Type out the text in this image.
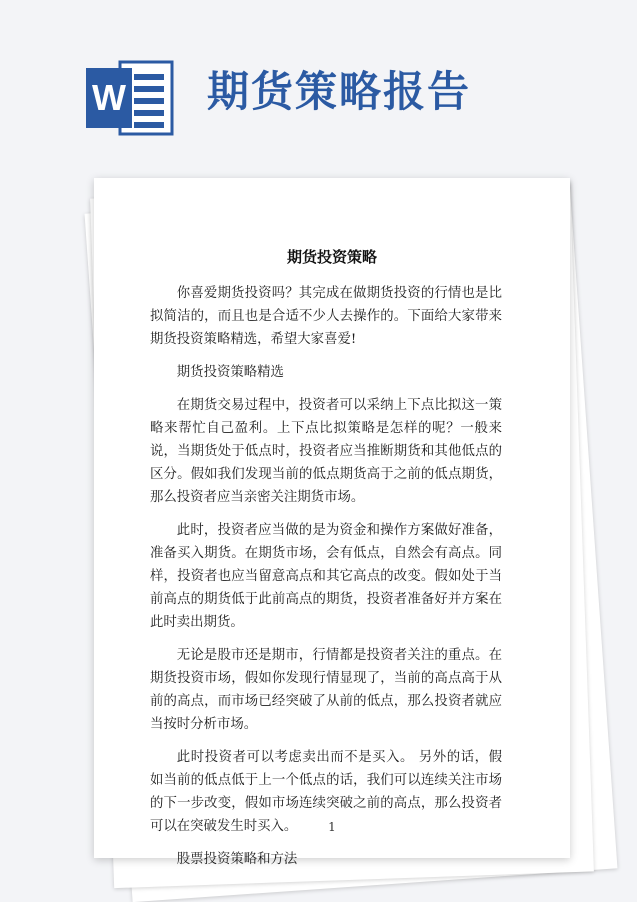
W 期货策略报告
期货投资策略

你喜爱期货投资吗？其完成在做期货投资的行情也是比拟简洁的，而且也是合适不少人去操作的。下面给大家带来期货投资策略精选，希望大家喜爱!

期货投资策略精选

在期货交易过程中，投资者可以采纳上下点比拟这一策略来帮忙自己盈利。上下点比拟策略是怎样的呢？一般来说，当期货处于低点时，投资者应当推断期货和其他低点的区分。假如我们发现当前的低点期货高于之前的低点期货，那么投资者应当亲密关注期货市场。

此时，投资者应当做的是为资金和操作方案做好准备，准备买入期货。在期货市场，会有低点，自然会有高点。同样，投资者也应当留意高点和其它高点的改变。假如处于当前高点的期货低于此前高点的期货，投资者准备好并方案在此时卖出期货。

无论是股市还是期市，行情都是投资者关注的重点。在期货投资市场，假如你发现行情显现了，当前的高点高于从前的高点，而市场已经突破了从前的低点，那么投资者就应当按时分析市场。

此时投资者可以考虑卖出而不是买入。 另外的话，假如当前的低点低于上一个低点的话，我们可以连续关注市场的下一步改变，假如市场连续突破之前的高点，那么投资者可以在突破发生时买入。

股票投资策略和方法

1
